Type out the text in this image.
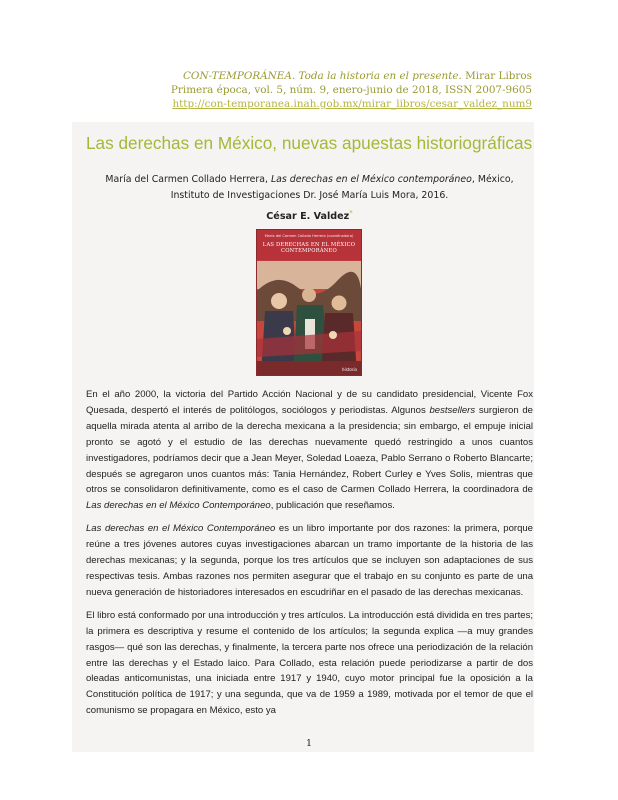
CON-TEMPORÁNEA. Toda la historia en el presente. Mirar Libros
Primera época, vol. 5, núm. 9, enero-junio de 2018, ISSN 2007-9605
http://con-temporanea.inah.gob.mx/mirar_libros/cesar_valdez_num9
Las derechas en México, nuevas apuestas historiográficas
María del Carmen Collado Herrera, Las derechas en el México contemporáneo, México, Instituto de Investigaciones Dr. José María Luis Mora, 2016.
César E. Valdez*
María del Carmen Collado Herrera (coordinadora)
LAS DERECHAS EN EL MÉXICO CONTEMPORÁNEO
historia

En el año 2000, la victoria del Partido Acción Nacional y de su candidato presidencial, Vicente Fox Quesada, despertó el interés de politólogos, sociólogos y periodistas. Algunos bestsellers surgieron de aquella mirada atenta al arribo de la derecha mexicana a la presidencia; sin embargo, el empuje inicial pronto se agotó y el estudio de las derechas nuevamente quedó restringido a unos cuantos investigadores, podríamos decir que a Jean Meyer, Soledad Loaeza, Pablo Serrano o Roberto Blancarte; después se agregaron unos cuantos más: Tania Hernández, Robert Curley e Yves Solis, mientras que otros se consolidaron definitivamente, como es el caso de Carmen Collado Herrera, la coordinadora de Las derechas en el México Contemporáneo, publicación que reseñamos.

Las derechas en el México Contemporáneo es un libro importante por dos razones: la primera, porque reúne a tres jóvenes autores cuyas investigaciones abarcan un tramo importante de la historia de las derechas mexicanas; y la segunda, porque los tres artículos que se incluyen son adaptaciones de sus respectivas tesis. Ambas razones nos permiten asegurar que el trabajo en su conjunto es parte de una nueva generación de historiadores interesados en escudriñar en el pasado de las derechas mexicanas.

El libro está conformado por una introducción y tres artículos. La introducción está dividida en tres partes; la primera es descriptiva y resume el contenido de los artículos; la segunda explica —a muy grandes rasgos— qué son las derechas, y finalmente, la tercera parte nos ofrece una periodización de la relación entre las derechas y el Estado laico. Para Collado, esta relación puede periodizarse a partir de dos oleadas anticomunistas, una iniciada entre 1917 y 1940, cuyo motor principal fue la oposición a la Constitución política de 1917; y una segunda, que va de 1959 a 1989, motivada por el temor de que el comunismo se propagara en México, esto ya

1
